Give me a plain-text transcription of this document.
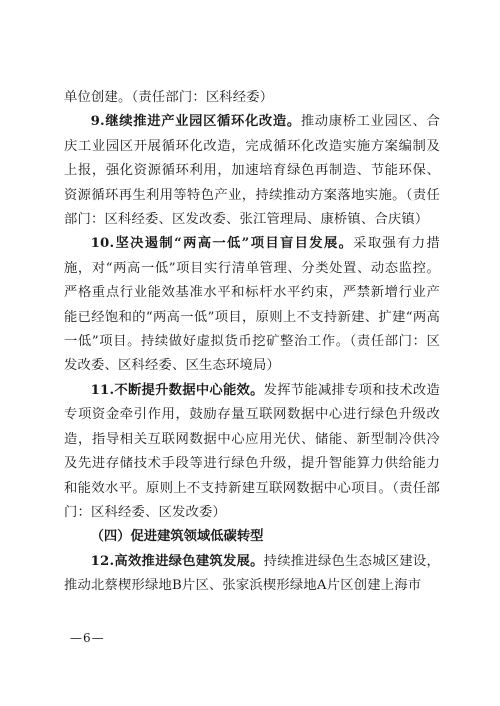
单位创建。（责任部门：区科经委）

9.继续推进产业园区循环化改造。推动康桥工业园区、合庆工业园区开展循环化改造，完成循环化改造实施方案编制及上报，强化资源循环利用，加速培育绿色再制造、节能环保、资源循环再生利用等特色产业，持续推动方案落地实施。（责任部门：区科经委、区发改委、张江管理局、康桥镇、合庆镇）

10.坚决遏制“两高一低”项目盲目发展。采取强有力措施，对“两高一低”项目实行清单管理、分类处置、动态监控。严格重点行业能效基准水平和标杆水平约束，严禁新增行业产能已经饱和的“两高一低”项目，原则上不支持新建、扩建“两高一低”项目。持续做好虚拟货币挖矿整治工作。（责任部门：区发改委、区科经委、区生态环境局）

11.不断提升数据中心能效。发挥节能减排专项和技术改造专项资金牵引作用，鼓励存量互联网数据中心进行绿色升级改造，指导相关互联网数据中心应用光伏、储能、新型制冷供冷及先进存储技术手段等进行绿色升级，提升智能算力供给能力和能效水平。原则上不支持新建互联网数据中心项目。（责任部门：区科经委、区发改委）

（四）促进建筑领域低碳转型

12.高效推进绿色建筑发展。持续推进绿色生态城区建设，推动北蔡楔形绿地B片区、张家浜楔形绿地A片区创建上海市

—6—
